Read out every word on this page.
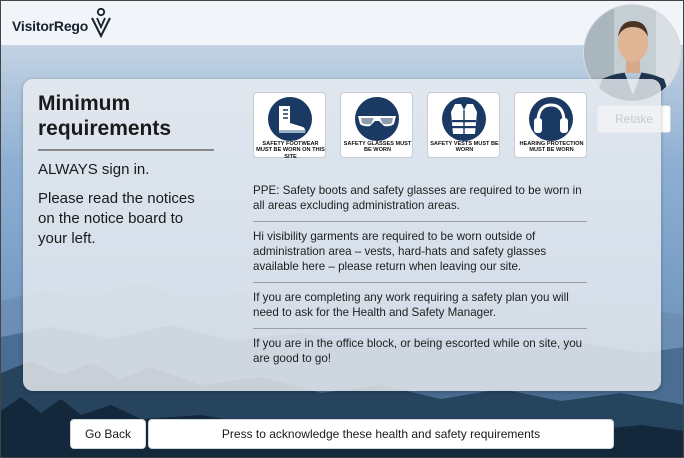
VisitorRego
Minimum requirements
ALWAYS sign in.
Please read the notices on the notice board to your left.
SAFETY FOOTWEAR MUST BE WORN ON THIS SITE
SAFETY GLASSES MUST BE WORN
SAFETY VESTS MUST BE WORN
HEARING PROTECTION MUST BE WORN
PPE: Safety boots and safety glasses are required to be worn in all areas excluding administration areas.
Hi visibility garments are required to be worn outside of administration area – vests, hard-hats and safety glasses available here – please return when leaving our site.
If you are completing any work requiring a safety plan you will need to ask for the Health and Safety Manager.
If you are in the office block, or being escorted while on site, you are good to go!
Go Back	Press to acknowledge these health and safety requirements
